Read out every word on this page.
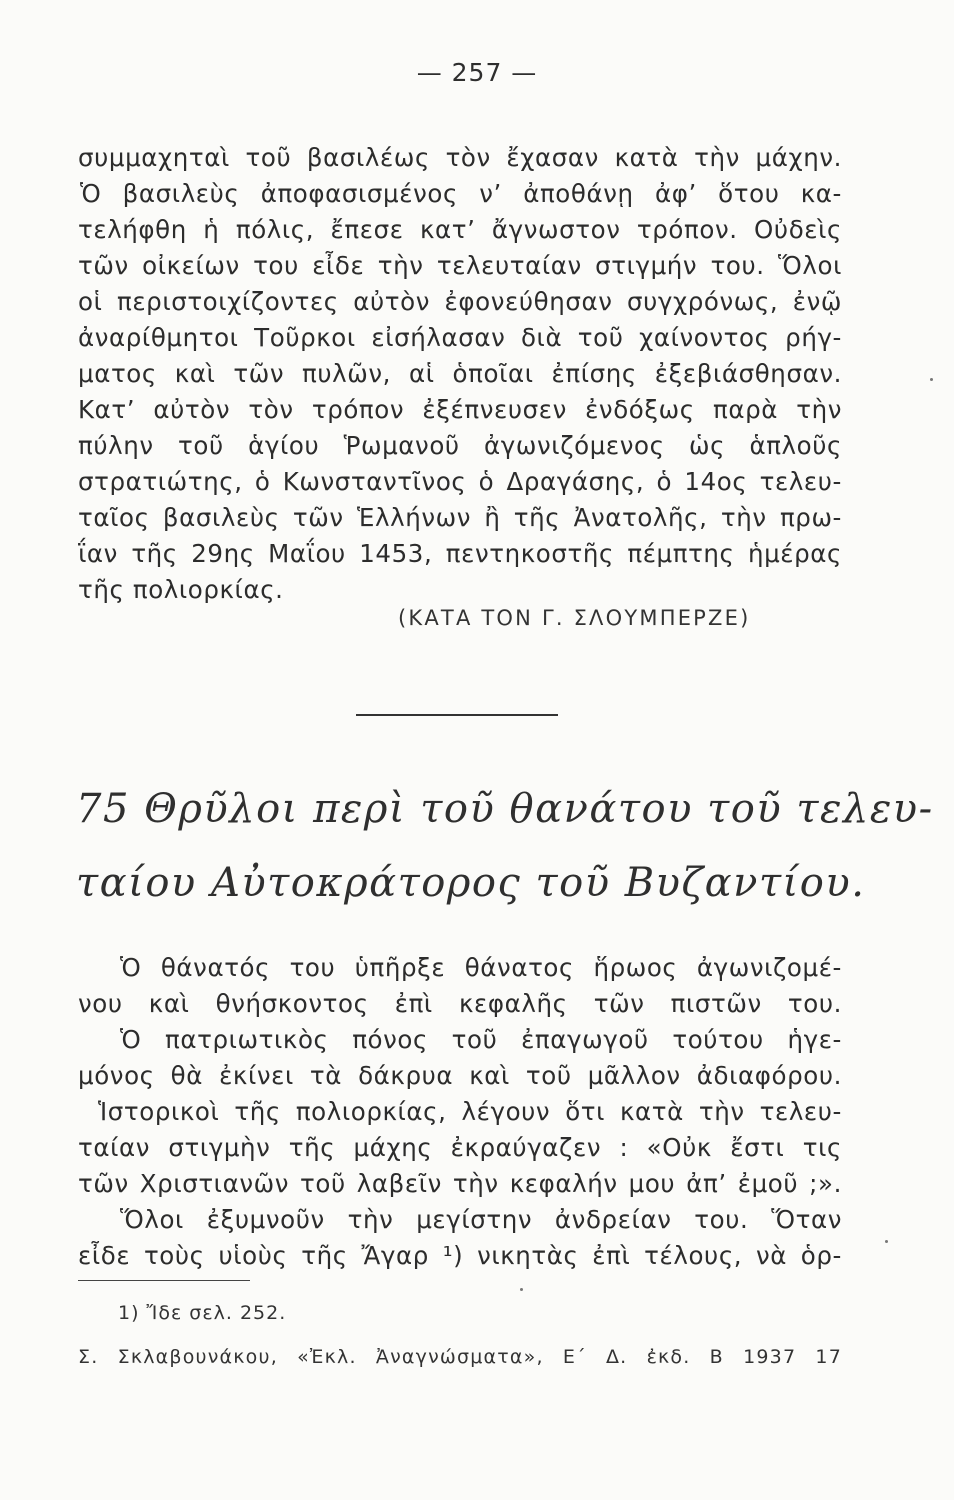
— 257 —
συμμαχηταὶ τοῦ βασιλέως τὸν ἔχασαν κατὰ τὴν μάχην.
Ὁ βασιλεὺς ἀποφασισμένος ν’ ἀποθάνῃ ἀφ’ ὅτου κα-
τελήφθη ἡ πόλις, ἔπεσε κατ’ ἄγνωστον τρόπον. Οὐδεὶς
τῶν οἰκείων του εἶδε τὴν τελευταίαν στιγμήν του. Ὅλοι
οἱ περιστοιχίζοντες αὐτὸν ἐφονεύθησαν συγχρόνως, ἐνῷ
ἀναρίθμητοι Τοῦρκοι εἰσήλασαν διὰ τοῦ χαίνοντος ρήγ-
ματος καὶ τῶν πυλῶν, αἱ ὁποῖαι ἐπίσης ἐξεβιάσθησαν.
Κατ’ αὐτὸν τὸν τρόπον ἐξέπνευσεν ἐνδόξως παρὰ τὴν
πύλην τοῦ ἁγίου Ῥωμανοῦ ἀγωνιζόμενος ὡς ἁπλοῦς
στρατιώτης, ὁ Κωνσταντῖνος ὁ Δραγάσης, ὁ 14ος τελευ-
ταῖος βασιλεὺς τῶν Ἑλλήνων ἢ τῆς Ἀνατολῆς, τὴν πρω-
ΐαν τῆς 29ης Μαΐου 1453, πεντηκοστῆς πέμπτης ἡμέρας
τῆς πολιορκίας.
(ΚΑΤΑ ΤΟΝ Γ. ΣΛΟΥΜΠΕΡΖΕ)
75 Θρῦλοι περὶ τοῦ θανάτου τοῦ τελευ-
ταίου Αὐτοκράτορος τοῦ Βυζαντίου.
Ὁ θάνατός του ὑπῆρξε θάνατος ἥρωος ἀγωνιζομέ-
νου καὶ θνήσκοντος ἐπὶ κεφαλῆς τῶν πιστῶν του.
Ὁ πατριωτικὸς πόνος τοῦ ἐπαγωγοῦ τούτου ἡγε-
μόνος θὰ ἐκίνει τὰ δάκρυα καὶ τοῦ μᾶλλον ἀδιαφόρου.
Ἱστορικοὶ τῆς πολιορκίας, λέγουν ὅτι κατὰ τὴν τελευ-
ταίαν στιγμὴν τῆς μάχης ἐκραύγαζεν : «Οὐκ ἔστι τις
τῶν Χριστιανῶν τοῦ λαβεῖν τὴν κεφαλήν μου ἀπ’ ἐμοῦ ;».
Ὅλοι ἐξυμνοῦν τὴν μεγίστην ἀνδρείαν του. Ὅταν
εἶδε τοὺς υἱοὺς τῆς Ἄγαρ ¹) νικητὰς ἐπὶ τέλους, νὰ ὁρ-
1) Ἴδε σελ. 252.
Σ. Σκλαβουνάκου, «Ἐκλ. Ἀναγνώσματα», Ε΄ Δ. ἐκδ. Β 1937 17
